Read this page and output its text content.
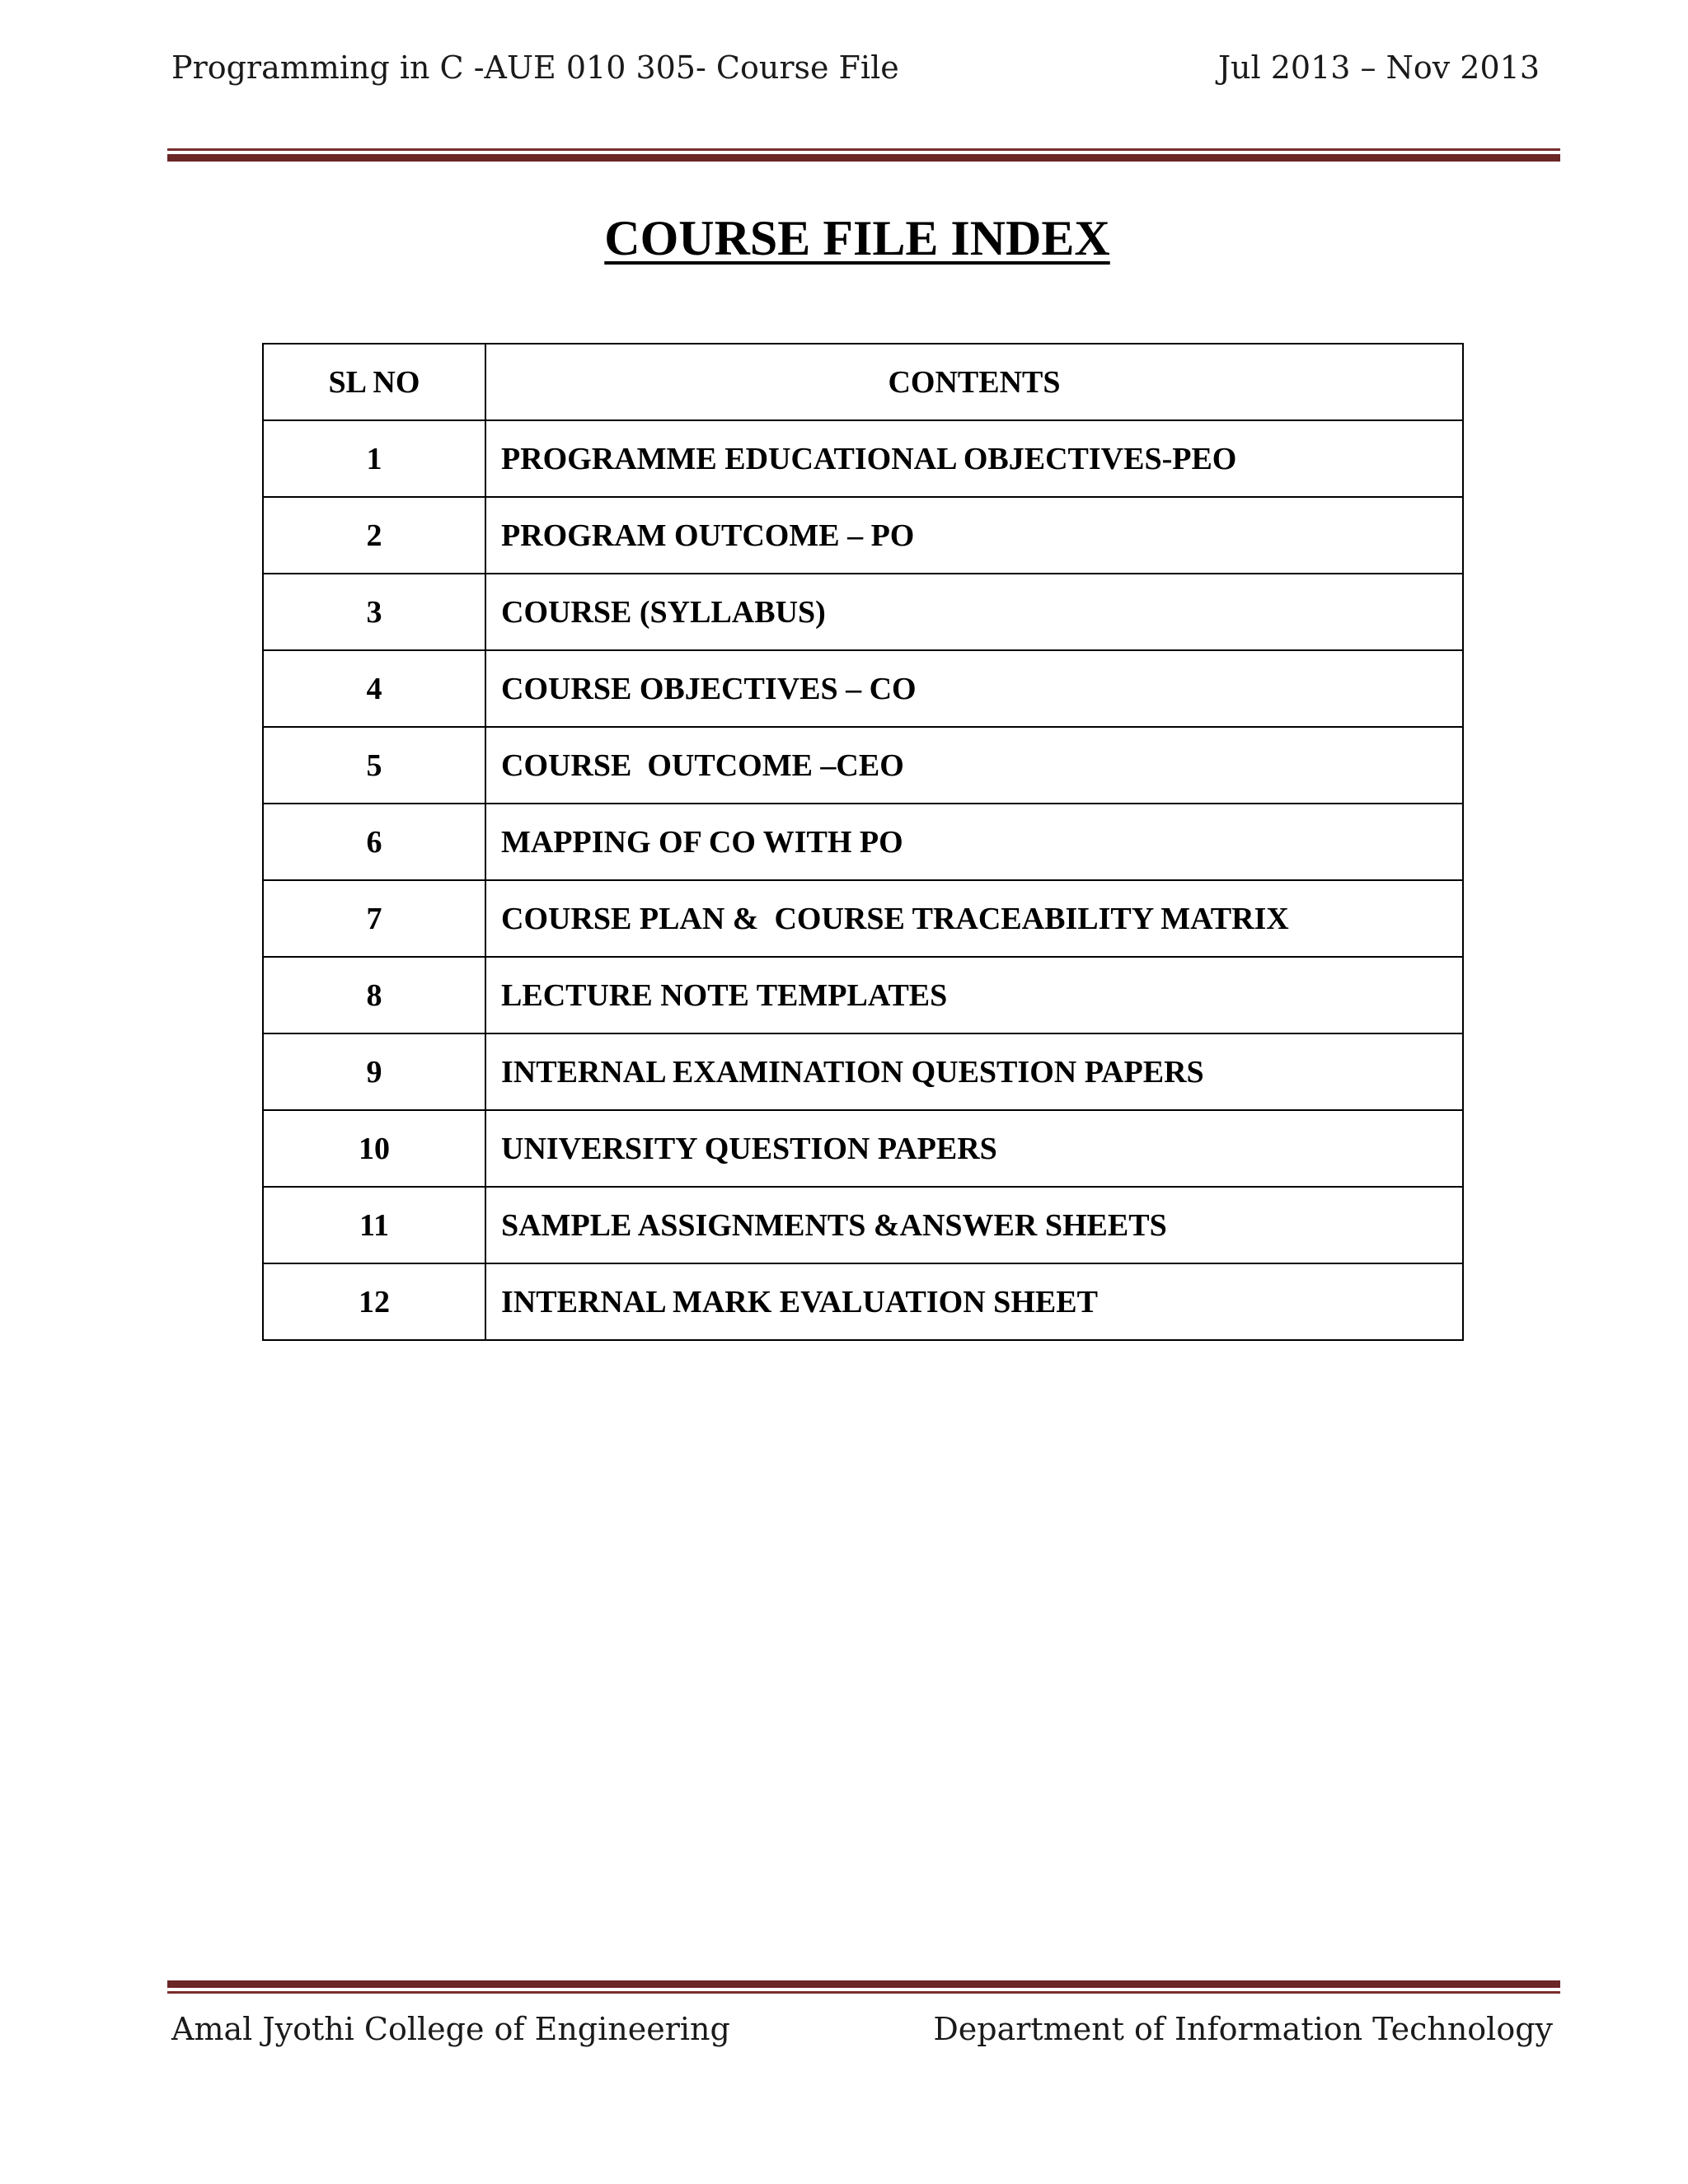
Programming in C -AUE 010 305- Course File	Jul 2013 – Nov 2013
COURSE FILE INDEX
SL NO	CONTENTS
1	PROGRAMME EDUCATIONAL OBJECTIVES-PEO
2	PROGRAM OUTCOME – PO
3	COURSE (SYLLABUS)
4	COURSE OBJECTIVES – CO
5	COURSE  OUTCOME –CEO
6	MAPPING OF CO WITH PO
7	COURSE PLAN &  COURSE TRACEABILITY MATRIX
8	LECTURE NOTE TEMPLATES
9	INTERNAL EXAMINATION QUESTION PAPERS
10	UNIVERSITY QUESTION PAPERS
11	SAMPLE ASSIGNMENTS &ANSWER SHEETS
12	INTERNAL MARK EVALUATION SHEET
Amal Jyothi College of Engineering	Department of Information Technology
